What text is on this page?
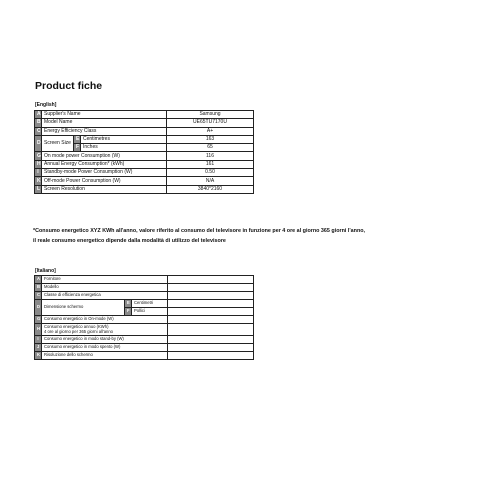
Product fiche
[English]
A	Supplier's Name			Samsung
B	Model Name			UE65TU7170U
C	Energy Efficiency Class			A+
D	Screen Size	E	Centimetres	163
		F	Inches	65
G	On mode power Consumption (W)			116
H	Annual Energy Consumption* (kWh)			161
I	Standby-mode Power Consumption (W)			0.50
K	Off-mode Power Consumption (W)			N/A
L	Screen Resolution			3840*2160
*Consumo energetico XYZ KWh all'anno, valore riferito al consumo del televisore in funzione per 4 ore al giorno 365 giorni l'anno,
il reale consumo energetico dipende dalla modalità di utilizzo del televisore
[Italiano]
A	Fornitore			
B	Modello			
C	Classe di efficienza energetica			
D	Dimensione schermo	E	Centimetri	
		F	Pollici	
G	Consumo energetico in On-mode (W)			
H	Consumo energetico annuo (KWh)
4 ore al giorno per 365 giorni all'anno			

I	Consumo energetico in modo stand-by (W)			
J	Consumo energetico in modo spento (W)			
K	Risoluzione dello schermo			
